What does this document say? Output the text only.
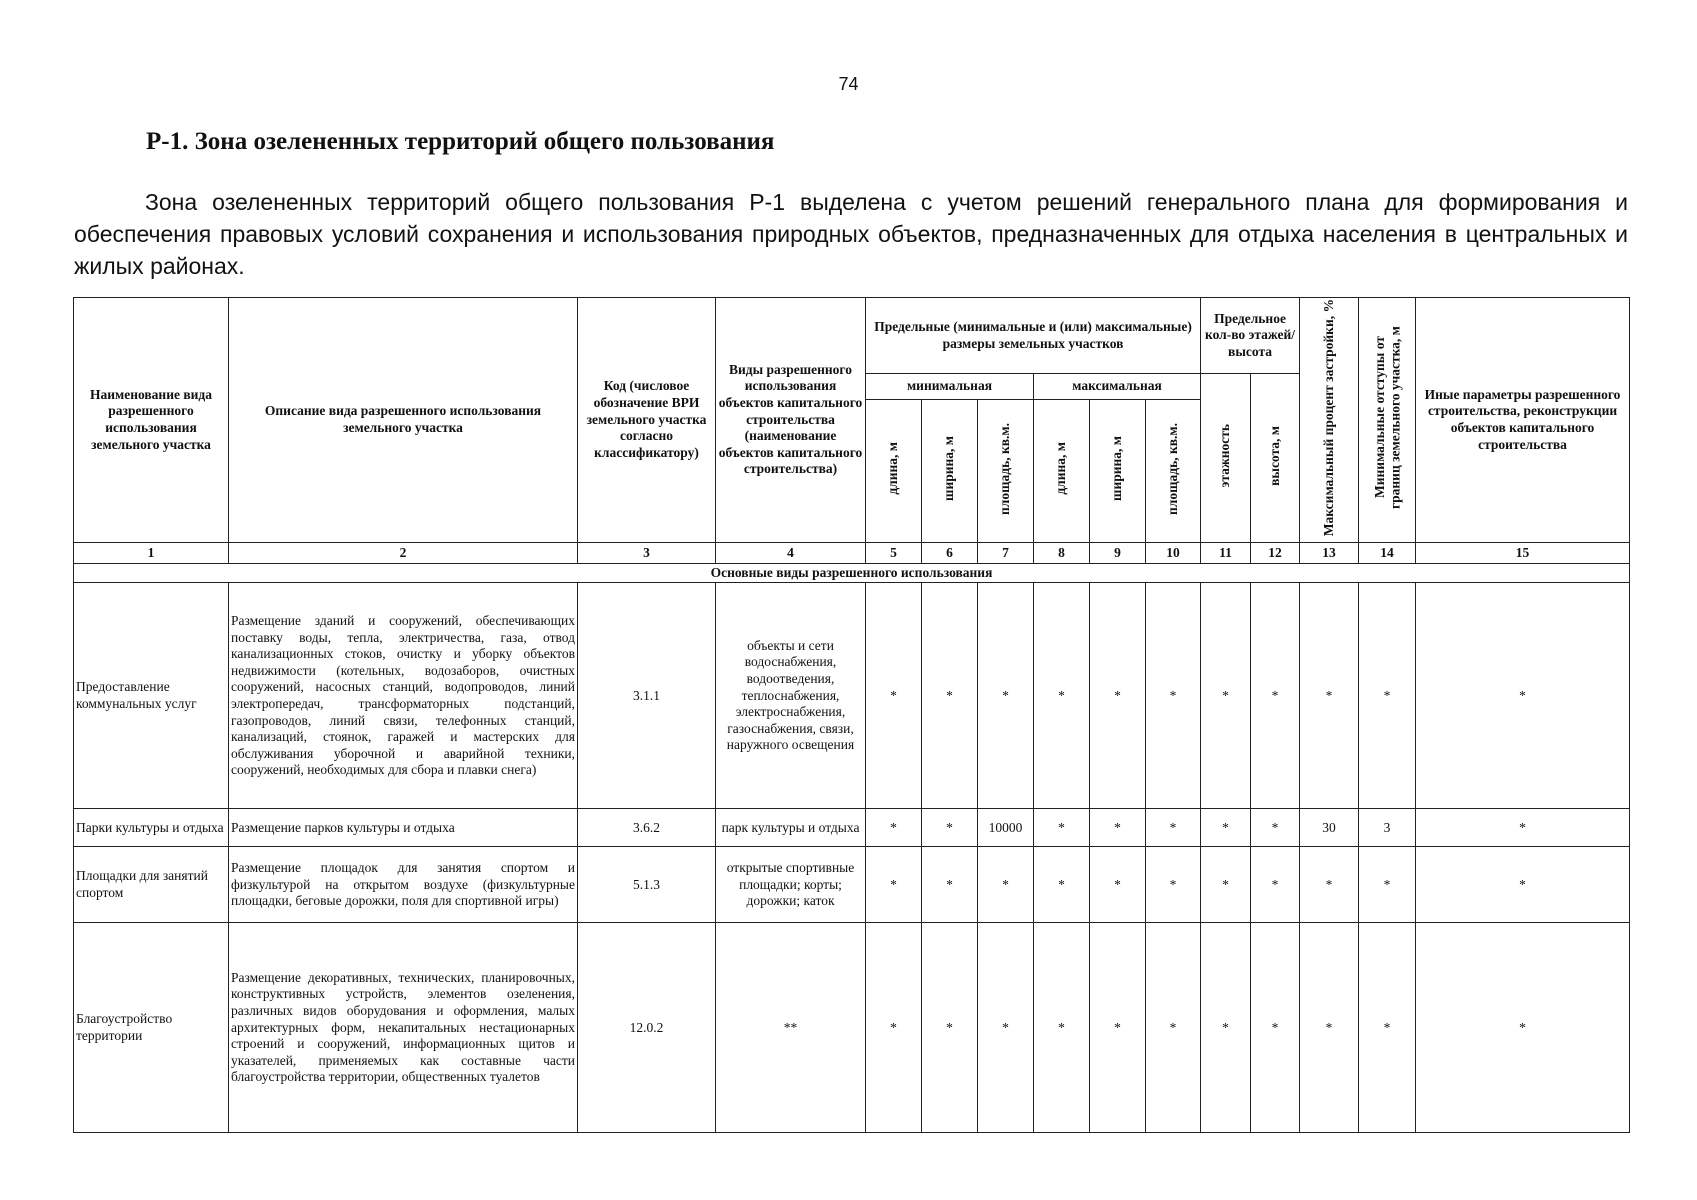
74
Р-1. Зона озелененных территорий общего пользования

Зона озелененных территорий общего пользования Р-1 выделена с учетом решений генерального плана для формирования и обеспечения правовых условий сохранения и использования природных объектов, предназначенных для отдыха населения в центральных и жилых районах.

Наименование вида разрешенного использования земельного участка	Описание вида разрешенного использования земельного участка	Код (числовое обозначение ВРИ земельного участка согласно классификатору)	Виды разрешенного использования объектов капитального строительства (наименование объектов капитального строительства)	Предельные (минимальные и (или) максимальные) размеры земельных участков						Предельное кол-во этажей/ высота		Максимальный процент застройки, %	Минимальные отступы от границ земельного участка, м	Иные параметры разрешенного строительства, реконструкции объектов капитального строительства
				минимальная			максимальная			этажность	высота, м			
				длина, м	ширина, м	площадь, кв.м.	длина, м	ширина, м	площадь, кв.м.					
1	2	3	4	5	6	7	8	9	10	11	12	13	14	15
Основные виды разрешенного использования														
Предоставление коммунальных услуг	Размещение зданий и сооружений, обеспечивающих поставку воды, тепла, электричества, газа, отвод канализационных стоков, очистку и уборку объектов недвижимости (котельных, водозаборов, очистных сооружений, насосных станций, водопроводов, линий электропередач, трансформаторных подстанций, газопроводов, линий связи, телефонных станций, канализаций, стоянок, гаражей и мастерских для обслуживания уборочной и аварийной техники, сооружений, необходимых для сбора и плавки снега)	3.1.1	объекты и сети водоснабжения, водоотведения, теплоснабжения, электроснабжения, газоснабжения, связи, наружного освещения	*	*	*	*	*	*	*	*	*	*	*
Парки культуры и отдыха	Размещение парков культуры и отдыха	3.6.2	парк культуры и отдыха	*	*	10000	*	*	*	*	*	30	3	*
Площадки для занятий спортом	Размещение площадок для занятия спортом и физкультурой на открытом воздухе (физкультурные площадки, беговые дорожки, поля для спортивной игры)	5.1.3	открытые спортивные площадки; корты; дорожки; каток	*	*	*	*	*	*	*	*	*	*	*
Благоустройство территории	Размещение декоративных, технических, планировочных, конструктивных устройств, элементов озеленения, различных видов оборудования и оформления, малых архитектурных форм, некапитальных нестационарных строений и сооружений, информационных щитов и указателей, применяемых как составные части благоустройства территории, общественных туалетов	12.0.2	**	*	*	*	*	*	*	*	*	*	*	*
